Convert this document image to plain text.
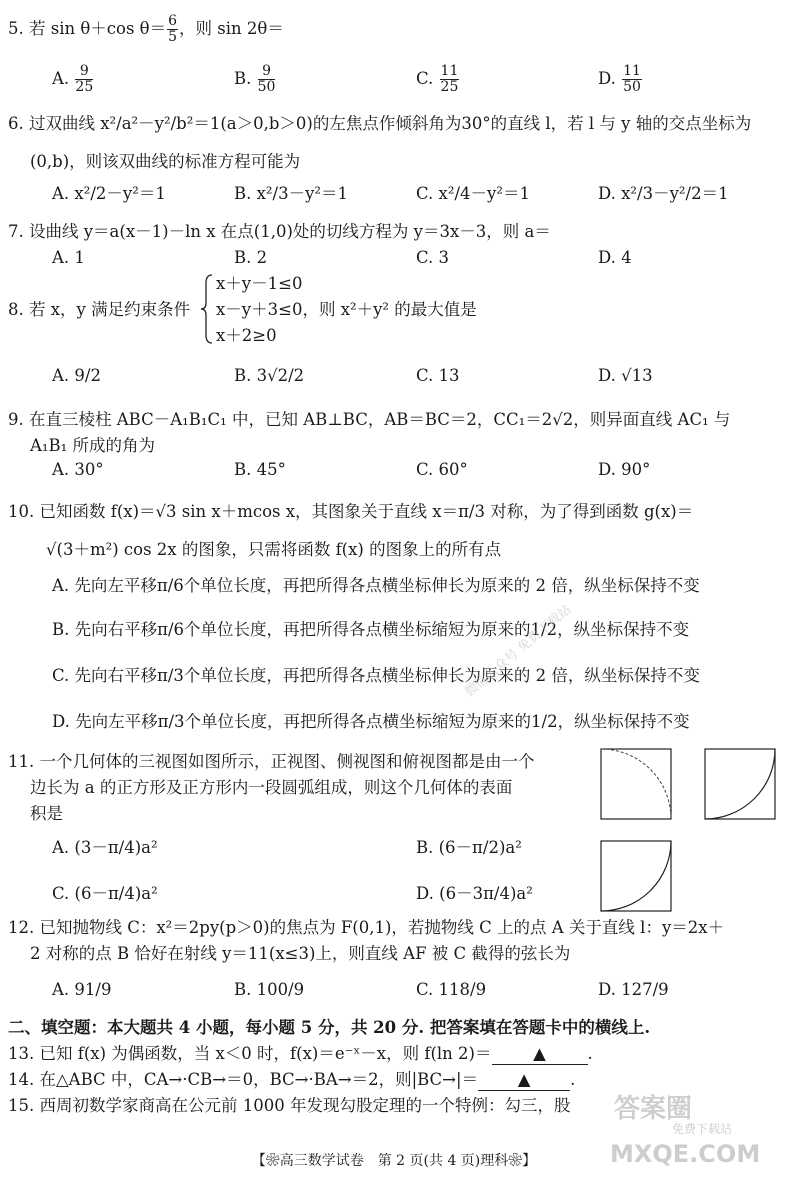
5. 若 sin θ＋cos $\theta= \frac{6}{5}$ ，则 sin 2θ＝
A. $\frac{9}{25}$	B. $\frac{9}{50}$	C. $\frac{11}{25}$	D. $\frac{11}{50}$
6. 过双曲线 x²/a²－y²/b²＝1(a＞0,b＞0)的左焦点作倾斜角为30°的直线 l，若 l 与 y 轴的交点坐标为
(0,b)，则该双曲线的标准方程可能为
A. x²/2－y²＝1	B. x²/3－y²＝1	C. x²/4－y²＝1	D. x²/3－y²/2＝1
7. 设曲线 y＝a(x－1)－ln x 在点(1,0)处的切线方程为 y＝3x－3，则 a＝
A. 1	B. 2	C. 3	D. 4
8. 若 x，y 满足约束条件
x＋y－1≤0
x－y＋3≤0，则 x²＋y² 的最大值是
x＋2≥0
A. 9/2	B. 3√2/2	C. 13	D. √13
9. 在直三棱柱 ABC－A₁B₁C₁ 中，已知 AB⊥BC，AB＝BC＝2，CC₁＝2√2，则异面直线 AC₁ 与
A₁B₁ 所成的角为
A. 30°	B. 45°	C. 60°	D. 90°
10. 已知函数 f(x)＝√3 sin x＋mcos x，其图象关于直线 x＝π/3 对称，为了得到函数 g(x)＝
√(3＋m²) cos 2x 的图象，只需将函数 f(x) 的图象上的所有点
A. 先向左平移π/6个单位长度，再把所得各点横坐标伸长为原来的 2 倍，纵坐标保持不变
B. 先向右平移π/6个单位长度，再把所得各点横坐标缩短为原来的1/2，纵坐标保持不变
C. 先向右平移π/3个单位长度，再把所得各点横坐标伸长为原来的 2 倍，纵坐标保持不变
D. 先向左平移π/3个单位长度，再把所得各点横坐标缩短为原来的1/2，纵坐标保持不变
11. 一个几何体的三视图如图所示，正视图、侧视图和俯视图都是由一个
边长为 a 的正方形及正方形内一段圆弧组成，则这个几何体的表面
积是
A. (3－π/4)a²	B. (6－π/2)a²
C. (6－π/4)a²	D. (6－3π/4)a²
12. 已知抛物线 C：x²＝2py(p＞0)的焦点为 F(0,1)，若抛物线 C 上的点 A 关于直线 l：y＝2x＋
2 对称的点 B 恰好在射线 y＝11(x≤3)上，则直线 AF 被 C 截得的弦长为
A. 91/9	B. 100/9	C. 118/9	D. 127/9
二、填空题：本大题共 4 小题，每小题 5 分，共 20 分. 把答案填在答题卡中的横线上.
13. 已知 f(x) 为偶函数，当 x＜0 时，f(x)＝e⁻ˣ－x，则 f(ln 2)＝	▲	.
14. 在△ABC 中，CA→·CB→＝0，BC→·BA→＝2，则|BC→|＝ ▲ .
15. 西周初数学家商高在公元前 1000 年发现勾股定理的一个特例：勾三，股
【❀高三数学试卷　第 2 页(共 4 页)理科❀】
微信公众号 免费下载站
答案圈
免费下载站
MXQE.COM
